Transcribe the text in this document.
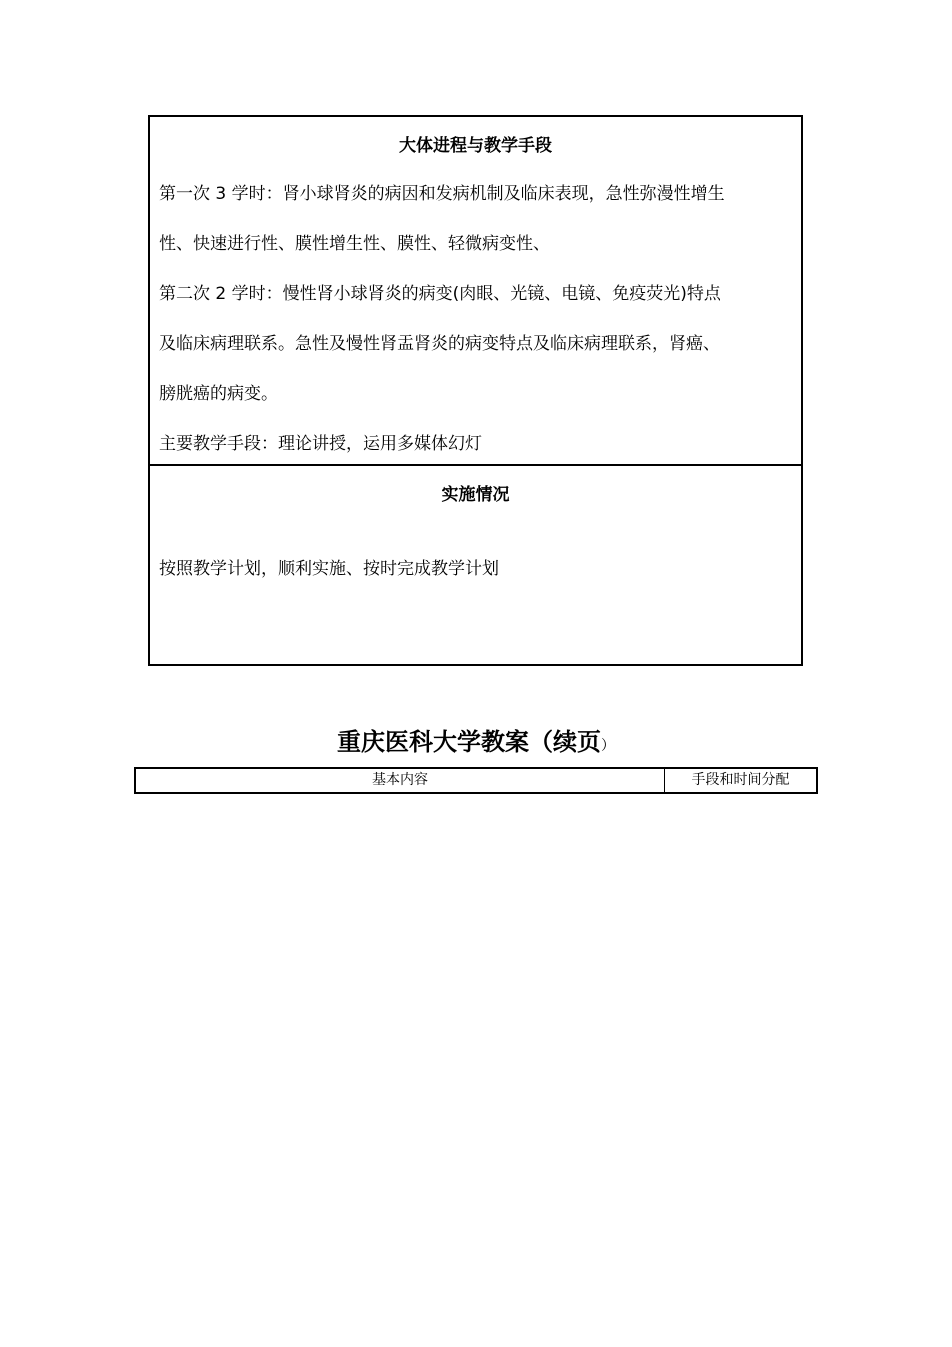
大体进程与教学手段
第一次 3 学时：肾小球肾炎的病因和发病机制及临床表现，急性弥漫性增生
性、快速进行性、膜性增生性、膜性、轻微病变性、
第二次 2 学时：慢性肾小球肾炎的病变(肉眼、光镜、电镜、免疫荧光)特点
及临床病理联系。急性及慢性肾盂肾炎的病变特点及临床病理联系，肾癌、
膀胱癌的病变。
主要教学手段：理论讲授，运用多媒体幻灯
实施情况
按照教学计划，顺利实施、按时完成教学计划
重庆医科大学教案（续页）
基本内容	手段和时间分配
